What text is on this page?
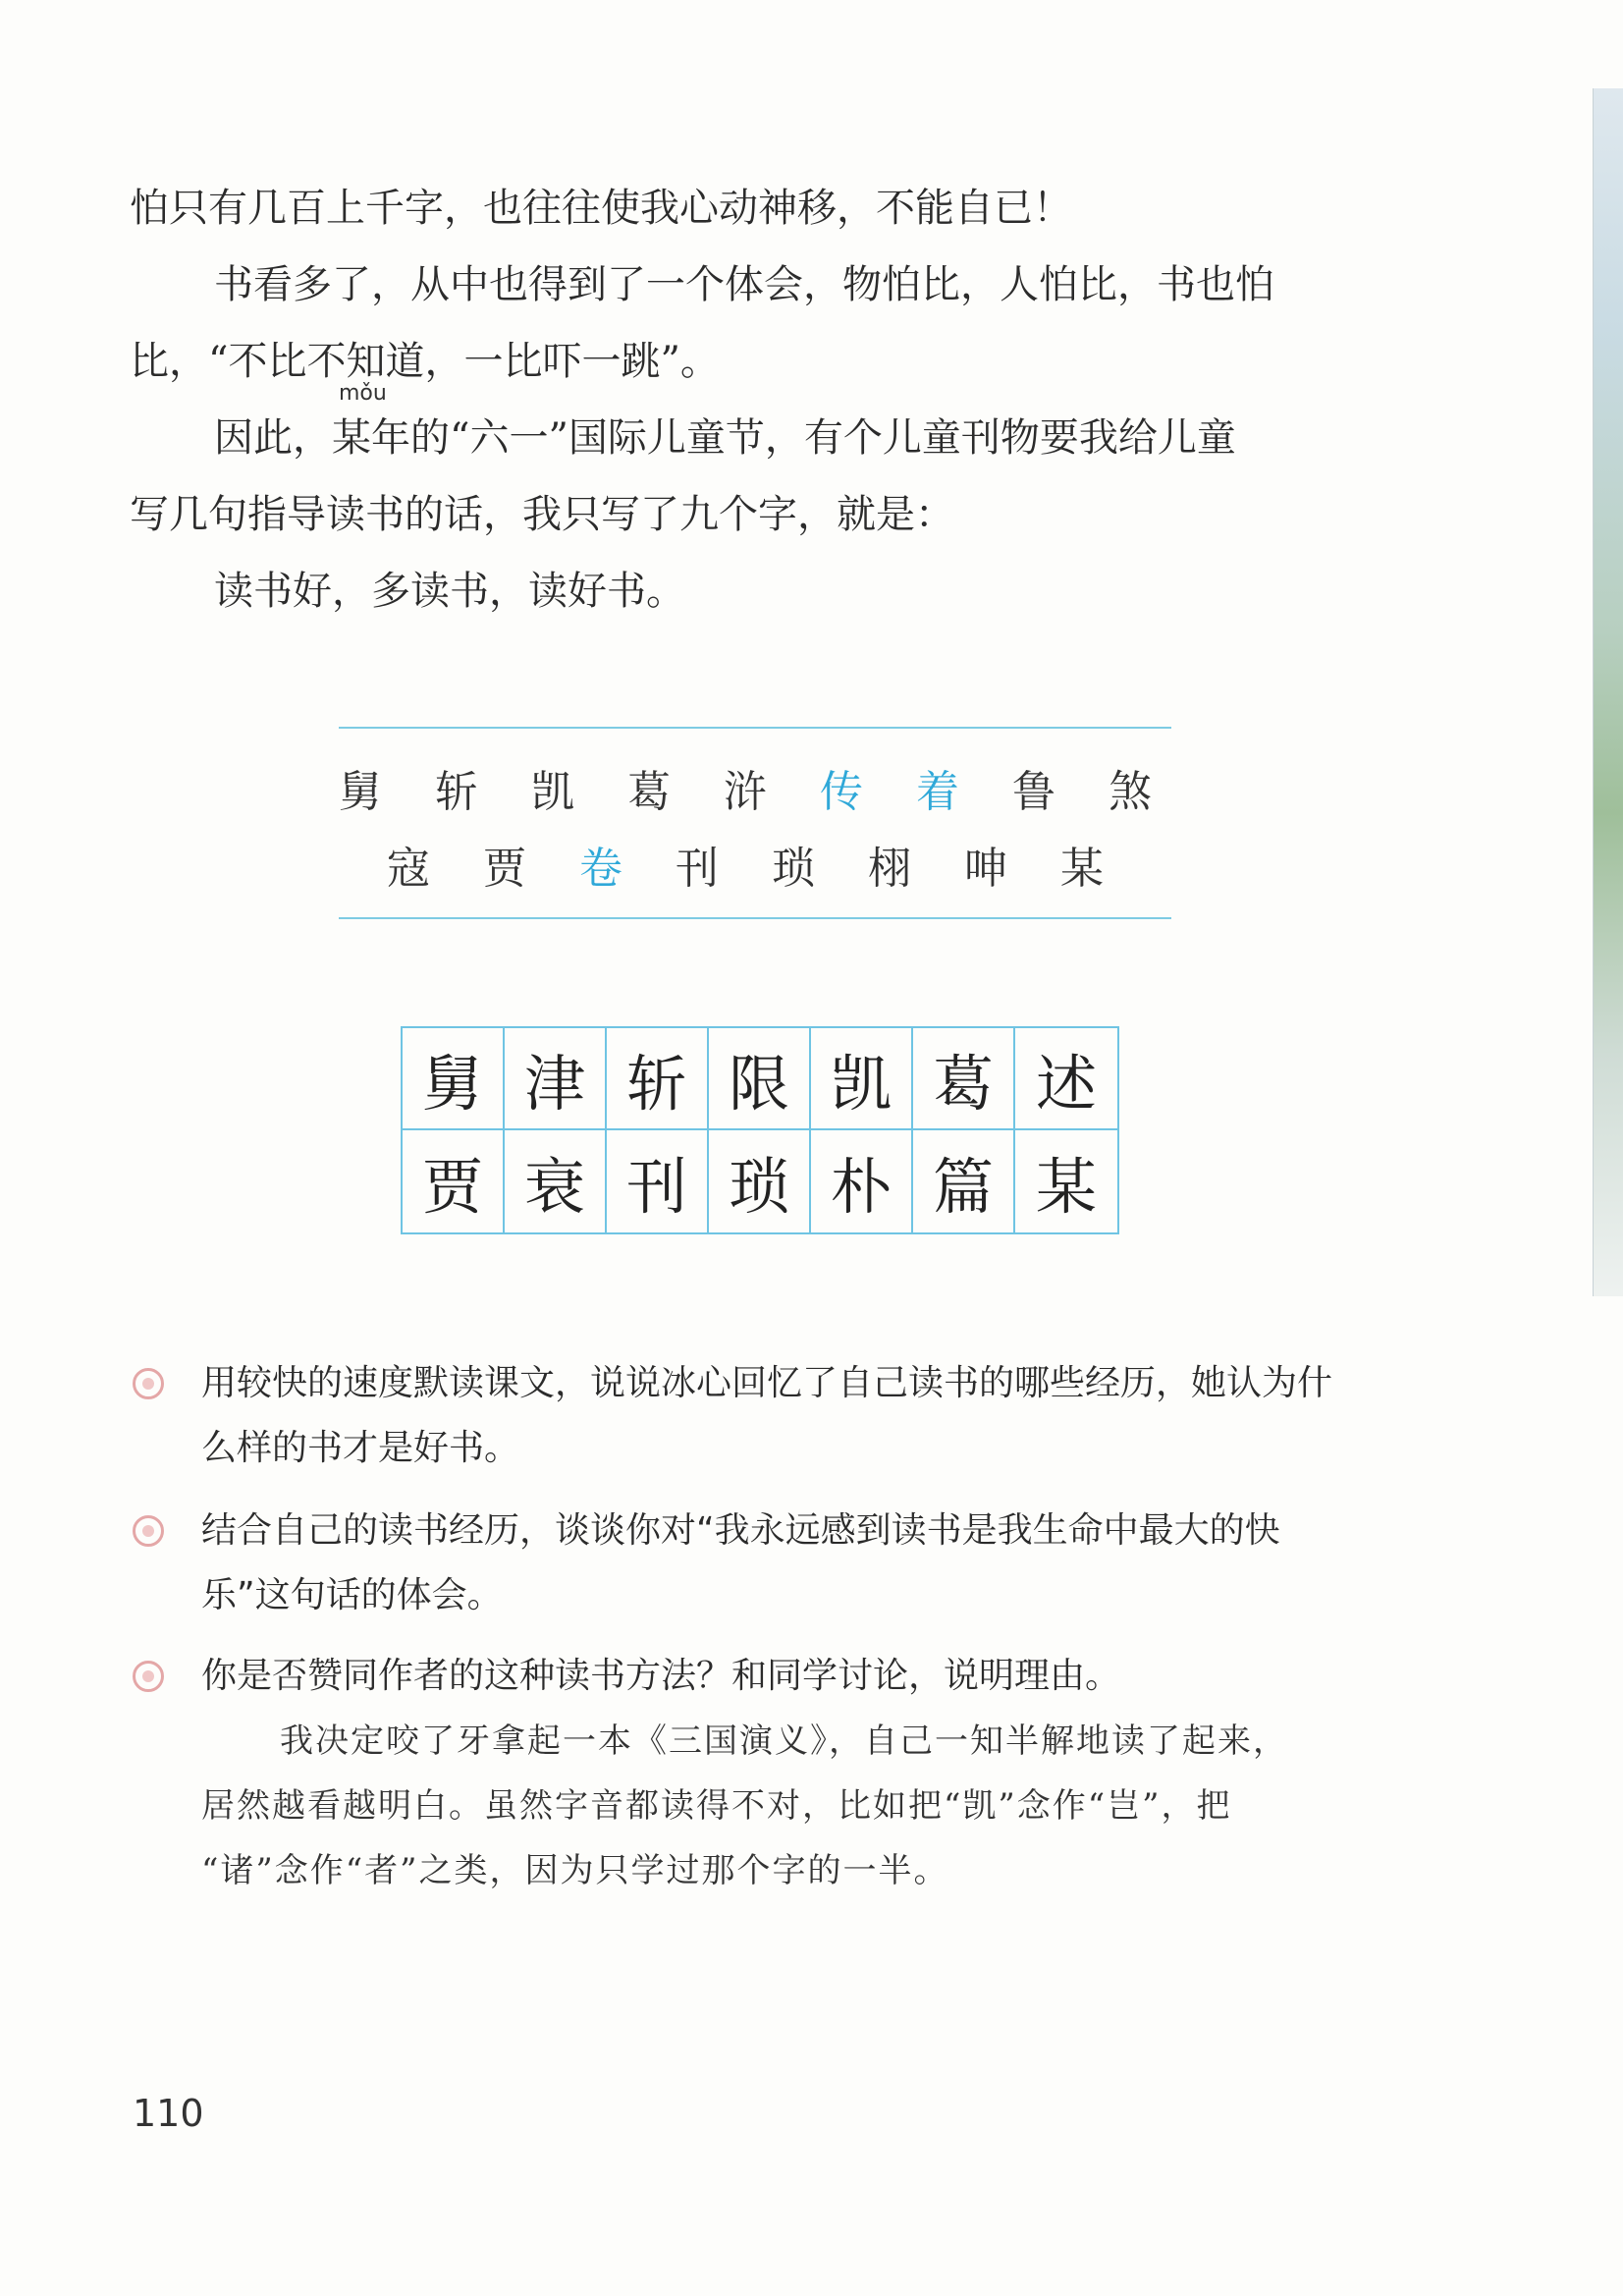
怕只有几百上千字，也往往使我心动神移，不能自已！
书看多了，从中也得到了一个体会，物怕比，人怕比，书也怕
比，“不比不知道，一比吓一跳”。
mǒu
因此，某年的“六一”国际儿童节，有个儿童刊物要我给儿童
写几句指导读书的话，我只写了九个字，就是：
读书好，多读书，读好书。
舅 斩 凯 葛 浒 传 着 鲁 煞
寇 贾 卷 刊 琐 栩 呻 某
舅 津 斩 限 凯 葛 述
贾 衰 刊 琐 朴 篇 某
用较快的速度默读课文，说说冰心回忆了自己读书的哪些经历，她认为什
么样的书才是好书。
结合自己的读书经历，谈谈你对“我永远感到读书是我生命中最大的快
乐”这句话的体会。
你是否赞同作者的这种读书方法？和同学讨论，说明理由。
我决定咬了牙拿起一本《三国演义》，自己一知半解地读了起来，
居然越看越明白。虽然字音都读得不对，比如把“凯”念作“岂”，把
“诸”念作“者”之类，因为只学过那个字的一半。
110
